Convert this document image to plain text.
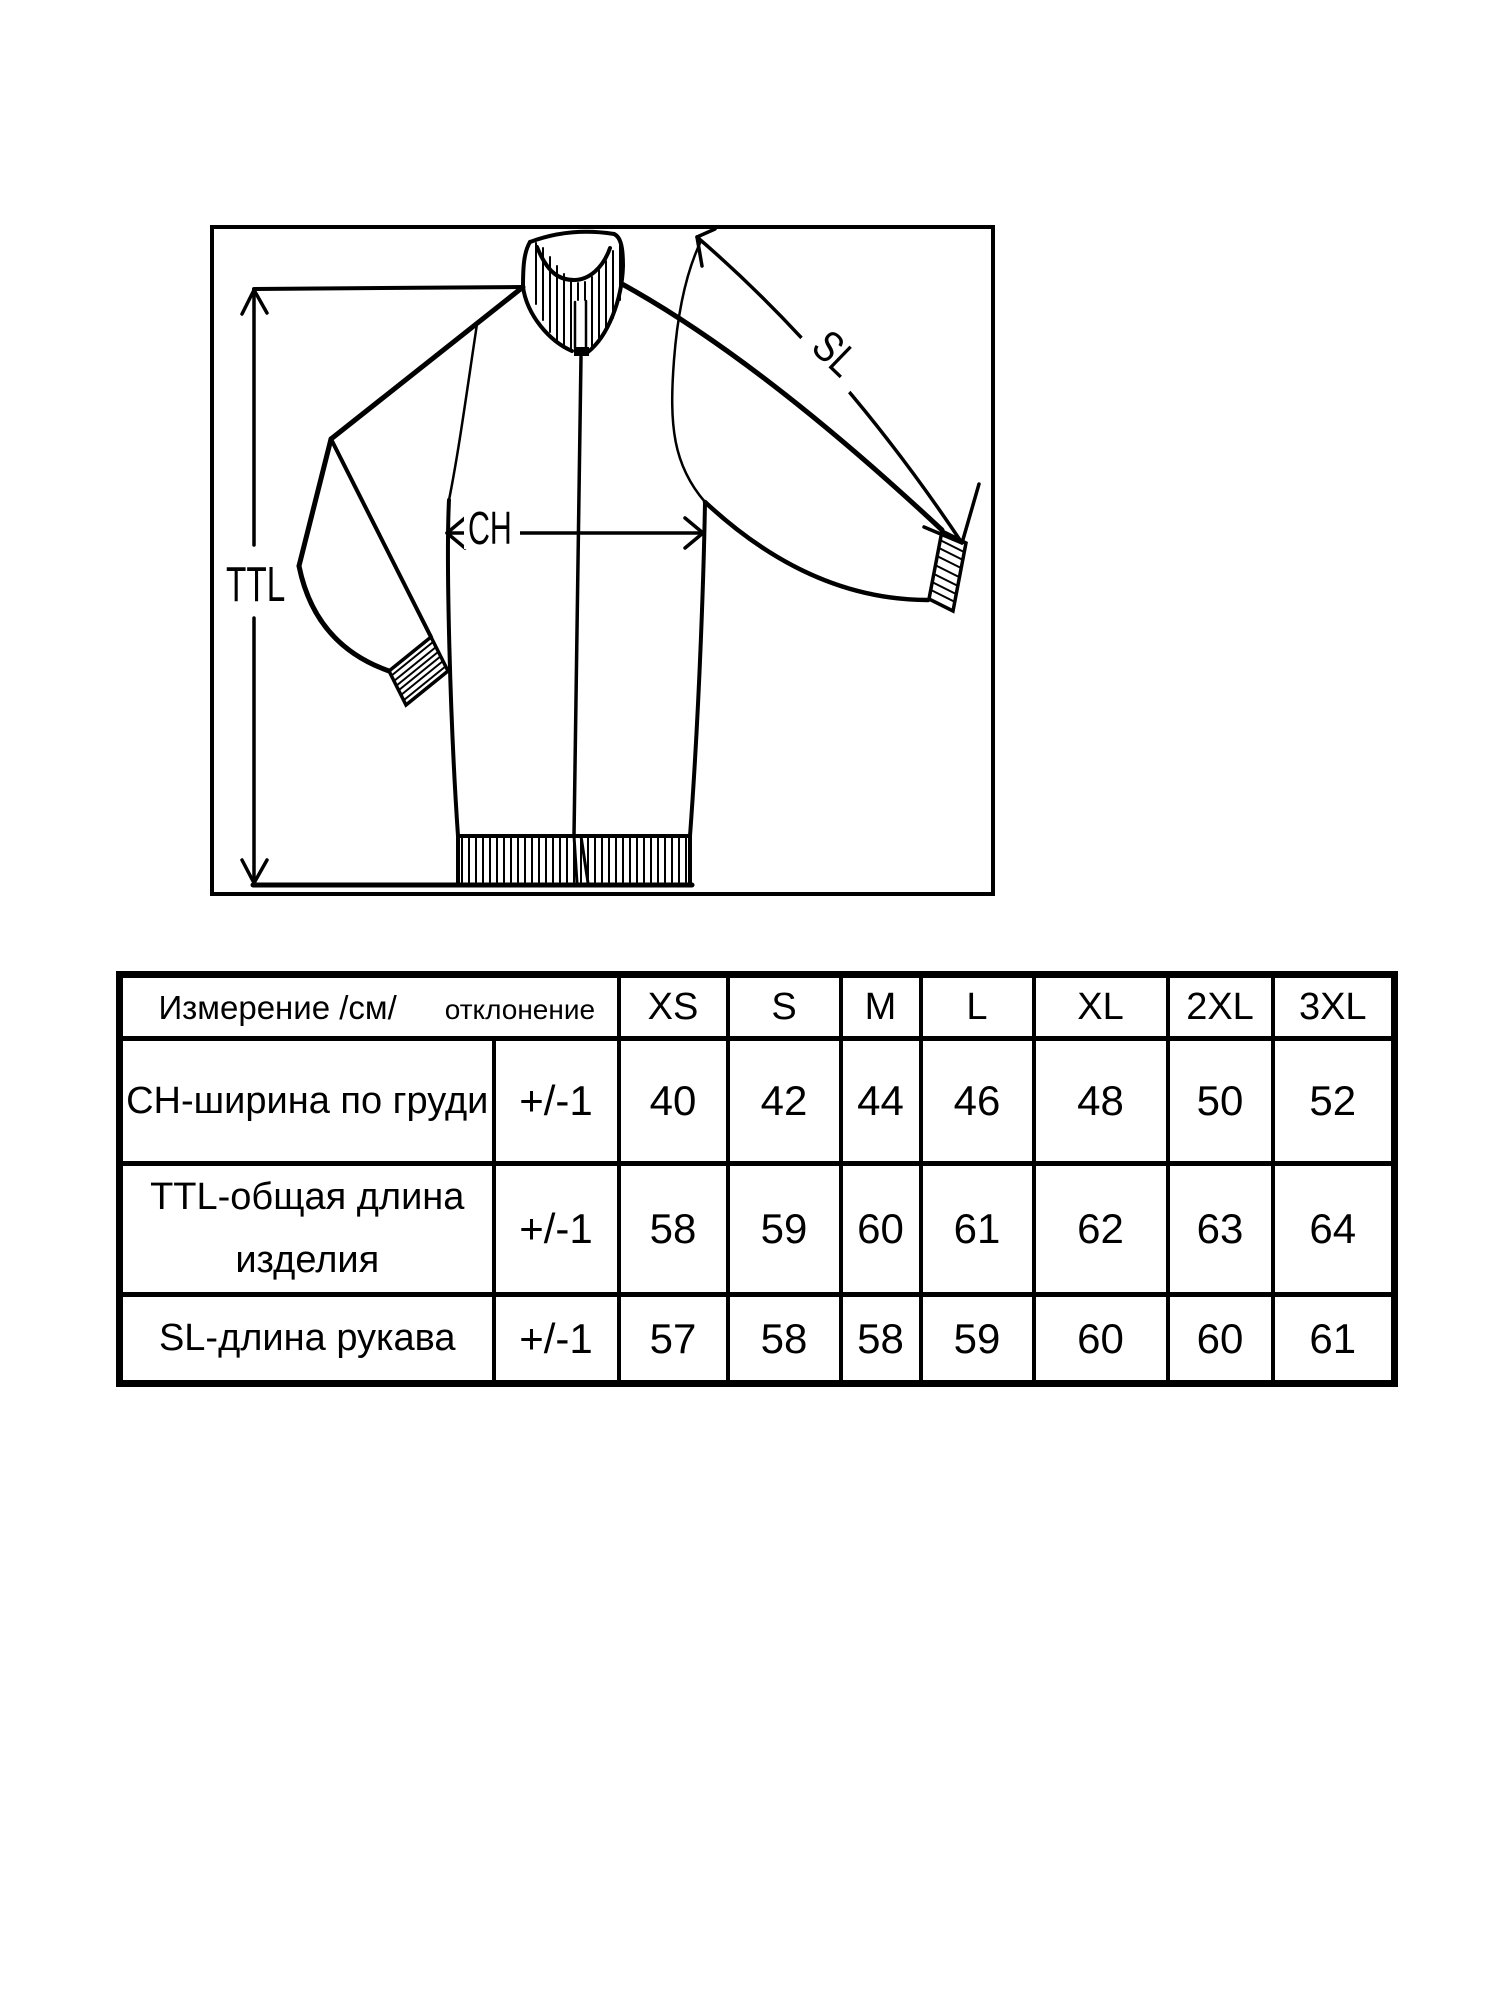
TTL
CH
SL
Измерение /см/ отклонение		XS	S	M	L	XL	2XL	3XL
CH-ширина по груди	+/-1	40	42	44	46	48	50	52
TTL-общая длина изделия	+/-1	58	59	60	61	62	63	64
SL-длина рукава	+/-1	57	58	58	59	60	60	61
